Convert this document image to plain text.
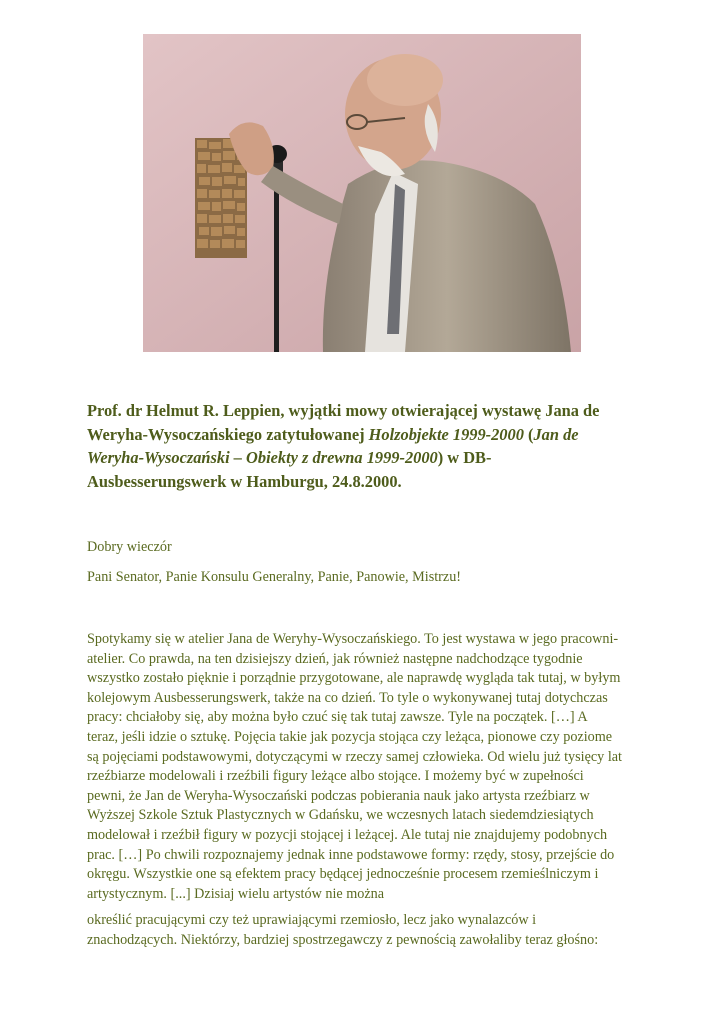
Prof. dr Helmut R. Leppien, wyjątki mowy otwierającej wystawę Jana de
Weryha-Wysoczańskiego zatytułowanej Holzobjekte 1999-2000 (Jan de
Weryha-Wysoczański – Obiekty z drewna 1999-2000) w DB-
Ausbesserungswerk w Hamburgu, 24.8.2000.

Dobry wieczór

Pani Senator, Panie Konsulu Generalny, Panie, Panowie, Mistrzu!

Spotykamy się w atelier Jana de Weryhy-Wysoczańskiego. To jest wystawa w jego pracowni-
atelier. Co prawda, na ten dzisiejszy dzień, jak również następne nadchodzące tygodnie
wszystko zostało pięknie i porządnie przygotowane, ale naprawdę wygląda tak tutaj, w byłym
kolejowym Ausbesserungswerk, także na co dzień. To tyle o wykonywanej tutaj dotychczas
pracy: chciałoby się, aby można było czuć się tak tutaj zawsze. Tyle na początek. […] A
teraz, jeśli idzie o sztukę. Pojęcia takie jak pozycja stojąca czy leżąca, pionowe czy poziome
są pojęciami podstawowymi, dotyczącymi w rzeczy samej człowieka. Od wielu już tysięcy lat
rzeźbiarze modelowali i rzeźbili figury leżące albo stojące. I możemy być w zupełności
pewni, że Jan de Weryha-Wysoczański podczas pobierania nauk jako artysta rzeźbiarz w
Wyższej Szkole Sztuk Plastycznych w Gdańsku, we wczesnych latach siedemdziesiątych
modelował i rzeźbił figury w pozycji stojącej i leżącej. Ale tutaj nie znajdujemy podobnych
prac. […] Po chwili rozpoznajemy jednak inne podstawowe formy: rzędy, stosy, przejście do
okręgu. Wszystkie one są efektem pracy będącej jednocześnie procesem rzemieślniczym i
artystycznym. [...] Dzisiaj wielu artystów nie można

określić pracującymi czy też uprawiającymi rzemiosło, lecz jako wynalazców i
znachodzących. Niektórzy, bardziej spostrzegawczy z pewnością zawołaliby teraz głośno:
